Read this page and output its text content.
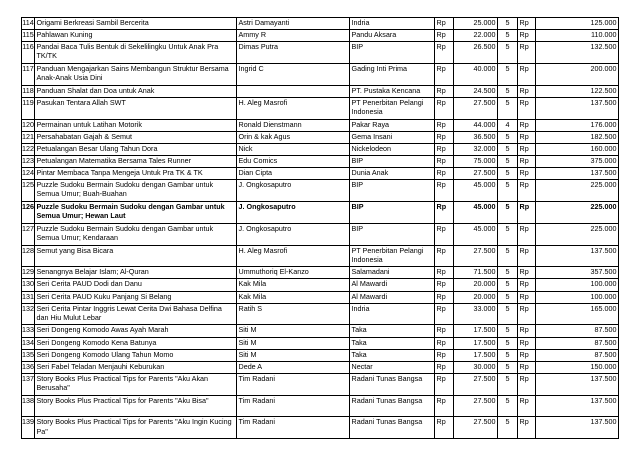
114	Origami Berkreasi Sambil Bercerita	Astri Damayanti	Indria	Rp	25.000	5	Rp	125.000
115	Pahlawan Kuning	Ammy R	Pandu Aksara	Rp	22.000	5	Rp	110.000
116	Pandai Baca Tulis Bentuk di Sekelilingku Untuk Anak Pra TK/TK	Dimas Putra	BIP	Rp	26.500	5	Rp	132.500
117	Panduan Mengajarkan Sains Membangun Struktur Bersama Anak-Anak Usia Dini	Ingrid C	Gading Inti Prima	Rp	40.000	5	Rp	200.000
118	Panduan Shalat dan Doa untuk Anak		PT. Pustaka Kencana	Rp	24.500	5	Rp	122.500
119	Pasukan Tentara Allah SWT	H. Aleg Masrofi	PT Penerbitan Pelangi Indonesia	Rp	27.500	5	Rp	137.500
120	Permainan untuk Latihan Motorik	Ronald Dienstmann	Pakar Raya	Rp	44.000	4	Rp	176.000
121	Persahabatan Gajah & Semut	Orin & kak Agus	Gema Insani	Rp	36.500	5	Rp	182.500
122	Petualangan Besar Ulang Tahun Dora	Nick	Nickelodeon	Rp	32.000	5	Rp	160.000
123	Petualangan Matematika Bersama Tales Runner	Edu Comics	BIP	Rp	75.000	5	Rp	375.000
124	Pintar Membaca Tanpa Mengeja Untuk Pra TK & TK	Dian Cipta	Dunia Anak	Rp	27.500	5	Rp	137.500
125	Puzzle Sudoku Bermain Sudoku dengan Gambar untuk Semua Umur; Buah-Buahan	J. Ongkosaputro	BIP	Rp	45.000	5	Rp	225.000
126	Puzzle Sudoku Bermain Sudoku dengan Gambar untuk Semua Umur; Hewan Laut	J. Ongkosaputro	BIP	Rp	45.000	5	Rp	225.000
127	Puzzle Sudoku Bermain Sudoku dengan Gambar untuk Semua Umur; Kendaraan	J. Ongkosaputro	BIP	Rp	45.000	5	Rp	225.000
128	Semut yang Bisa Bicara	H. Aleg Masrofi	PT Penerbitan Pelangi Indonesia	Rp	27.500	5	Rp	137.500
129	Senangnya Belajar Islam; Al-Quran	Ummuthoriq El-Kanzo	Salamadani	Rp	71.500	5	Rp	357.500
130	Seri Cerita PAUD Dodi dan Danu	Kak Mila	Al Mawardi	Rp	20.000	5	Rp	100.000
131	Seri Cerita PAUD Kuku Panjang Si Belang	Kak Mila	Al Mawardi	Rp	20.000	5	Rp	100.000
132	Seri Cerita Pintar Inggris Lewat Cerita Dwi Bahasa Delfina dan Hiu Mulut Lebar	Ratih S	Indria	Rp	33.000	5	Rp	165.000
133	Seri Dongeng Komodo Awas Ayah Marah	Siti M	Taka	Rp	17.500	5	Rp	87.500
134	Seri Dongeng Komodo Kena Batunya	Siti M	Taka	Rp	17.500	5	Rp	87.500
135	Seri Dongeng Komodo Ulang Tahun Momo	Siti M	Taka	Rp	17.500	5	Rp	87.500
136	Seri Fabel Teladan Menjauhi Keburukan	Dede A	Nectar	Rp	30.000	5	Rp	150.000
137	Story Books Plus Practical Tips for Parents "Aku Akan Berusaha"	Tim Radani	Radani Tunas Bangsa	Rp	27.500	5	Rp	137.500
138	Story Books Plus Practical Tips for Parents "Aku Bisa"	Tim Radani	Radani Tunas Bangsa	Rp	27.500	5	Rp	137.500
139	Story Books Plus Practical Tips for Parents "Aku Ingin Kucing Pa"	Tim Radani	Radani Tunas Bangsa	Rp	27.500	5	Rp	137.500
